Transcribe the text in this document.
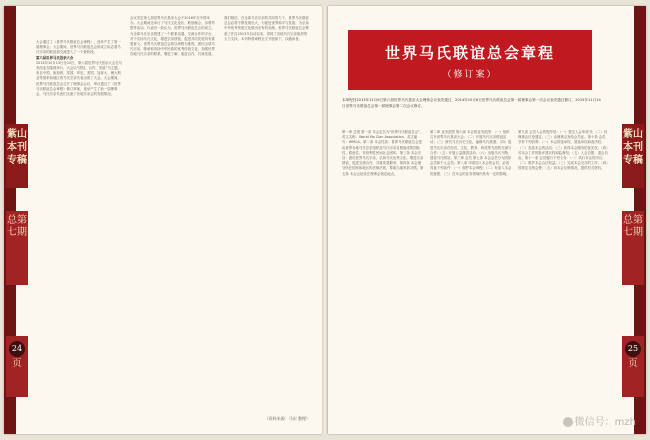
紫山本刊专稿
总第七期
24
页
大会通过了《世界马氏联谊总会章程》，选举产生了第一届理事会。大会期间，世界马氏联谊总会的成立标志着马氏宗亲的联谊和交流进入了一个新阶段。
第六届世界马氏恳亲大会
2014年10月13日至15日，第六届世界马氏恳亲大会在马来西亚吉隆坡举行，大会以“团结、合作、发展”为主题。来自中国、新加坡、泰国、印尼、美国、加拿大、澳大利亚等国家和地区的马氏宗亲代表出席了大会。大会期间，世界马氏联谊总会召开了理事会会议，审议通过了《世界马氏联谊总会章程》修订草案，选举产生了新一届理事会，马氏宗亲代表们交流了各地宗亲会的发展情况。
会议决定第七届世界马氏恳亲大会于2016年在中国举办。大会期间还举行了马氏文化论坛、联谊晚会、参观考察等活动。代表们一致认为，世界马氏联谊总会的成立，为全球马氏宗亲搭建了一个联系沟通、交流合作的平台，对于弘扬马氏文化、增进宗亲情谊、促进共同发展具有重要意义。世界马氏联谊总会将以章程为准则，团结全球马氏宗亲，继承和发扬中华民族的优秀传统文化，加强世界各地马氏宗亲的联系，增进了解，促进合作，共谋发展。
我们相信，在全球马氏宗亲的共同努力下，世界马氏联谊总会必将不断发展壮大，为促进世界和平与发展、为弘扬中华优秀传统文化做出应有的贡献。世界马氏联谊总会筹备工作自2013年启动以来，得到了各地马氏宗亲组织的大力支持。本刊特将章程全文刊登如下，以飨读者。
（资料来源：马东 整理）
紫山本刊专稿
总第七期
25
页
世界马氏联谊总会章程
（修订案）
本章程经2013年12月6日第六届世界马氏恳亲大会理事会议表决通过，2014年10月6日世界马氏联谊总会第一届理事会第一次会议表决通过修订，2015年11月14日世界马氏联谊总会第一届理事会第二次会议修订。
第一章 总则 第一条 本会定名为“世界马氏联谊总会”，英文名称：World Ma Clan Association，英文缩写：WMCA。第二条 本会性质：世界马氏联谊总会是由世界各地马氏宗亲组织及马氏宗亲自愿组成的国际性、联谊性、非营利性民间社会团体。第三条 本会宗旨：团结世界马氏宗亲，弘扬马氏优秀文化，增进宗亲情谊，促进交流合作，共谋发展繁荣。第四条 本会遵守所在国家和地区的法律法规，尊重当地风俗习惯。第五条 本会会址设在理事会指定地点。
第二章 业务范围 第六条 本会的业务范围：（一）组织召开世界马氏恳亲大会；（二）开展马氏宗亲联谊活动；（三）研究马氏历史文化，编修马氏族谱；（四）促进马氏宗亲在经济、文化、教育、科技等方面的交流与合作；（五）开展公益慈善活动；（六）出版马氏刊物，建设马氏网站。第三章 会员 第七条 本会会员分为团体会员和个人会员。第八条 申请加入本会的会员，必须具备下列条件：（一）拥护本会章程；（二）有加入本会的意愿；（三）在本会的业务领域内具有一定的影响。
第九条 会员入会的程序是：（一）提交入会申请书；（二）经理事会讨论通过；（三）由理事会发给会员证。第十条 会员享有下列权利：（一）本会的选举权、被选举权和表决权；（二）参加本会的活动；（三）获得本会服务的优先权；（四）对本会工作的批评建议权和监督权；（五）入会自愿、退会自由。第十一条 会员履行下列义务：（一）执行本会的决议；（二）维护本会合法权益；（三）完成本会交办的工作；（四）按规定交纳会费；（五）向本会反映情况，提供有关资料。
微信号：mzh
